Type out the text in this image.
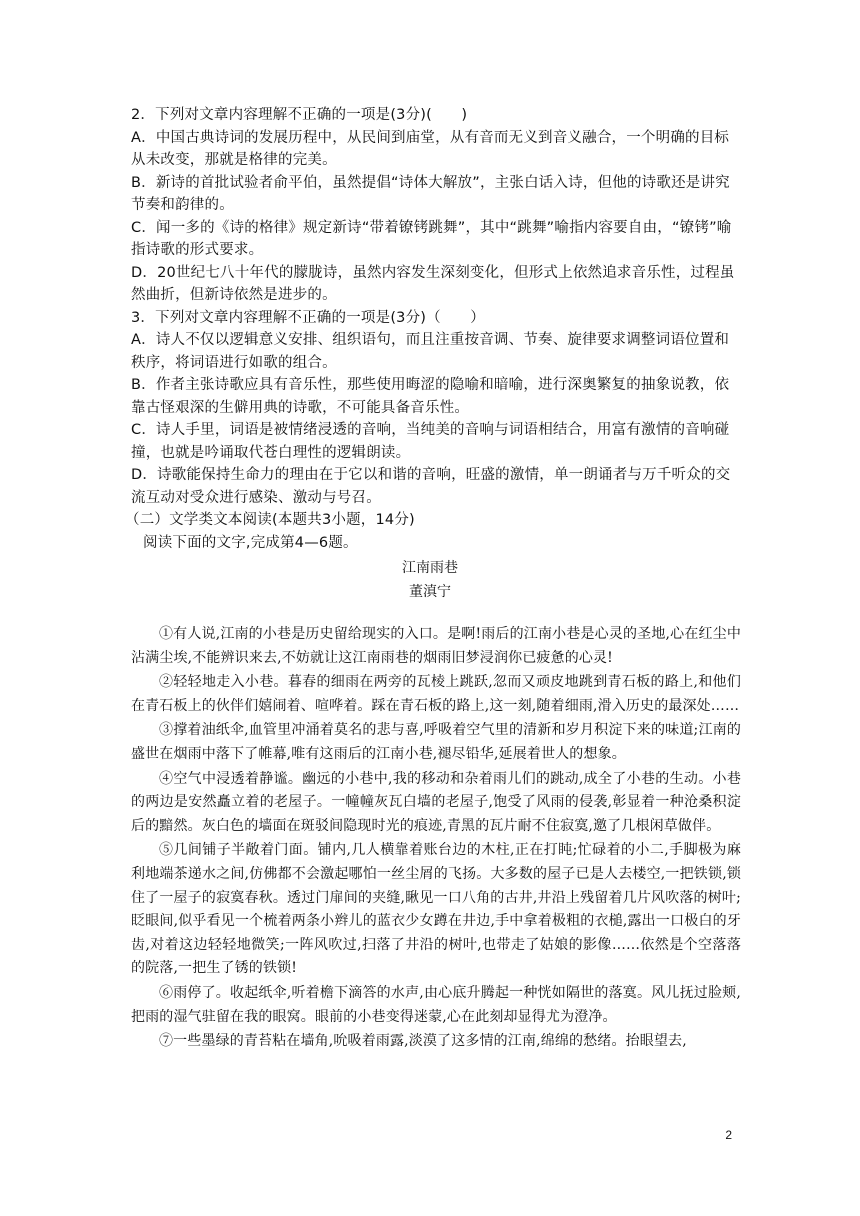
2．下列对文章内容理解不正确的一项是(3分)(　　)

A．中国古典诗词的发展历程中，从民间到庙堂，从有音而无义到音义融合，一个明确的目标从未改变，那就是格律的完美。

B．新诗的首批试验者俞平伯，虽然提倡“诗体大解放”，主张白话入诗，但他的诗歌还是讲究节奏和韵律的。

C．闻一多的《诗的格律》规定新诗“带着镣铐跳舞”，其中“跳舞”喻指内容要自由，“镣铐”喻指诗歌的形式要求。

D．20世纪七八十年代的朦胧诗，虽然内容发生深刻变化，但形式上依然追求音乐性，过程虽然曲折，但新诗依然是进步的。

3．下列对文章内容理解不正确的一项是(3分)（　　）

A．诗人不仅以逻辑意义安排、组织语句，而且注重按音调、节奏、旋律要求调整词语位置和秩序，将词语进行如歌的组合。

B．作者主张诗歌应具有音乐性，那些使用晦涩的隐喻和暗喻，进行深奥繁复的抽象说教，依靠古怪艰深的生僻用典的诗歌，不可能具备音乐性。

C．诗人手里，词语是被情绪浸透的音响，当纯美的音响与词语相结合，用富有激情的音响碰撞，也就是吟诵取代苍白理性的逻辑朗读。

D．诗歌能保持生命力的理由在于它以和谐的音响，旺盛的激情，单一朗诵者与万千听众的交流互动对受众进行感染、激动与号召。

（二）文学类文本阅读(本题共3小题，14分)

阅读下面的文字,完成第4—6题。

江南雨巷

董滇宁

①有人说,江南的小巷是历史留给现实的入口。是啊!雨后的江南小巷是心灵的圣地,心在红尘中沾满尘埃,不能辨识来去,不妨就让这江南雨巷的烟雨旧梦浸润你已疲惫的心灵!

②轻轻地走入小巷。暮春的细雨在两旁的瓦棱上跳跃,忽而又顽皮地跳到青石板的路上,和他们在青石板上的伙伴们嬉闹着、喧哗着。踩在青石板的路上,这一刻,随着细雨,滑入历史的最深处……

③撑着油纸伞,血管里冲涌着莫名的悲与喜,呼吸着空气里的清新和岁月积淀下来的味道;江南的盛世在烟雨中落下了帷幕,唯有这雨后的江南小巷,褪尽铅华,延展着世人的想象。

④空气中浸透着静谧。幽远的小巷中,我的移动和杂着雨儿们的跳动,成全了小巷的生动。小巷的两边是安然矗立着的老屋子。一幢幢灰瓦白墙的老屋子,饱受了风雨的侵袭,彰显着一种沧桑积淀后的黯然。灰白色的墙面在斑驳间隐现时光的痕迹,青黑的瓦片耐不住寂寞,邀了几根闲草做伴。

⑤几间铺子半敞着门面。铺内,几人横靠着账台边的木柱,正在打盹;忙碌着的小二,手脚极为麻利地端茶递水之间,仿佛都不会激起哪怕一丝尘屑的飞扬。大多数的屋子已是人去楼空,一把铁锁,锁住了一屋子的寂寞春秋。透过门扉间的夹缝,瞅见一口八角的古井,井沿上残留着几片风吹落的树叶;眨眼间,似乎看见一个梳着两条小辫儿的蓝衣少女蹲在井边,手中拿着极粗的衣槌,露出一口极白的牙齿,对着这边轻轻地微笑;一阵风吹过,扫落了井沿的树叶,也带走了姑娘的影像……依然是个空落落的院落,一把生了锈的铁锁!

⑥雨停了。收起纸伞,听着檐下滴答的水声,由心底升腾起一种恍如隔世的落寞。风儿抚过脸颊,把雨的湿气驻留在我的眼窝。眼前的小巷变得迷蒙,心在此刻却显得尤为澄净。

⑦一些墨绿的青苔粘在墙角,吮吸着雨露,淡漠了这多情的江南,绵绵的愁绪。抬眼望去,

2
